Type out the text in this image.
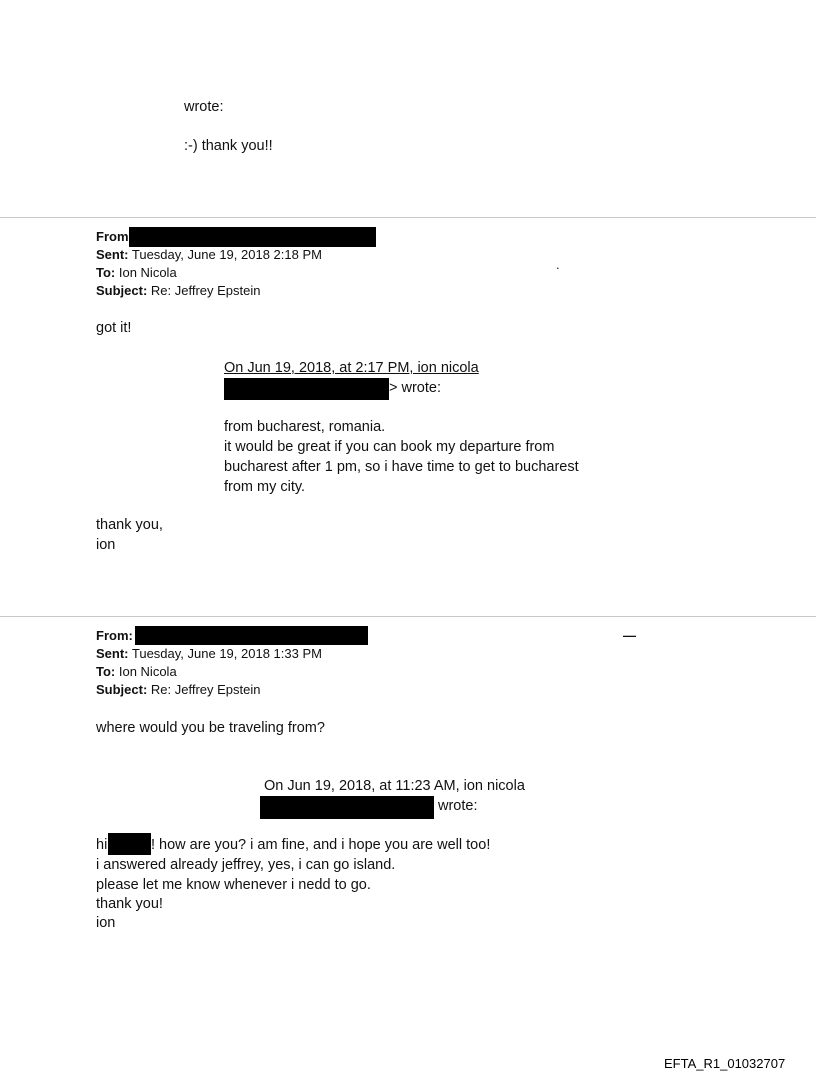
wrote:
:-) thank you!!
From
Sent: Tuesday, June 19, 2018 2:18 PM
To: Ion Nicola
Subject: Re: Jeffrey Epstein
.
got it!
On Jun 19, 2018, at 2:17 PM, ion nicola
> wrote:
from bucharest, romania.
it would be great if you can book my departure from
bucharest after 1 pm, so i have time to get to bucharest
from my city.
thank you,
ion
From:
Sent: Tuesday, June 19, 2018 1:33 PM
To: Ion Nicola
Subject: Re: Jeffrey Epstein
—
where would you be traveling from?
On Jun 19, 2018, at 11:23 AM, ion nicola
wrote:
hi	! how are you? i am fine, and i hope you are well too!
i answered already jeffrey, yes, i can go island.
please let me know whenever i nedd to go.
thank you!
ion
EFTA_R1_01032707
